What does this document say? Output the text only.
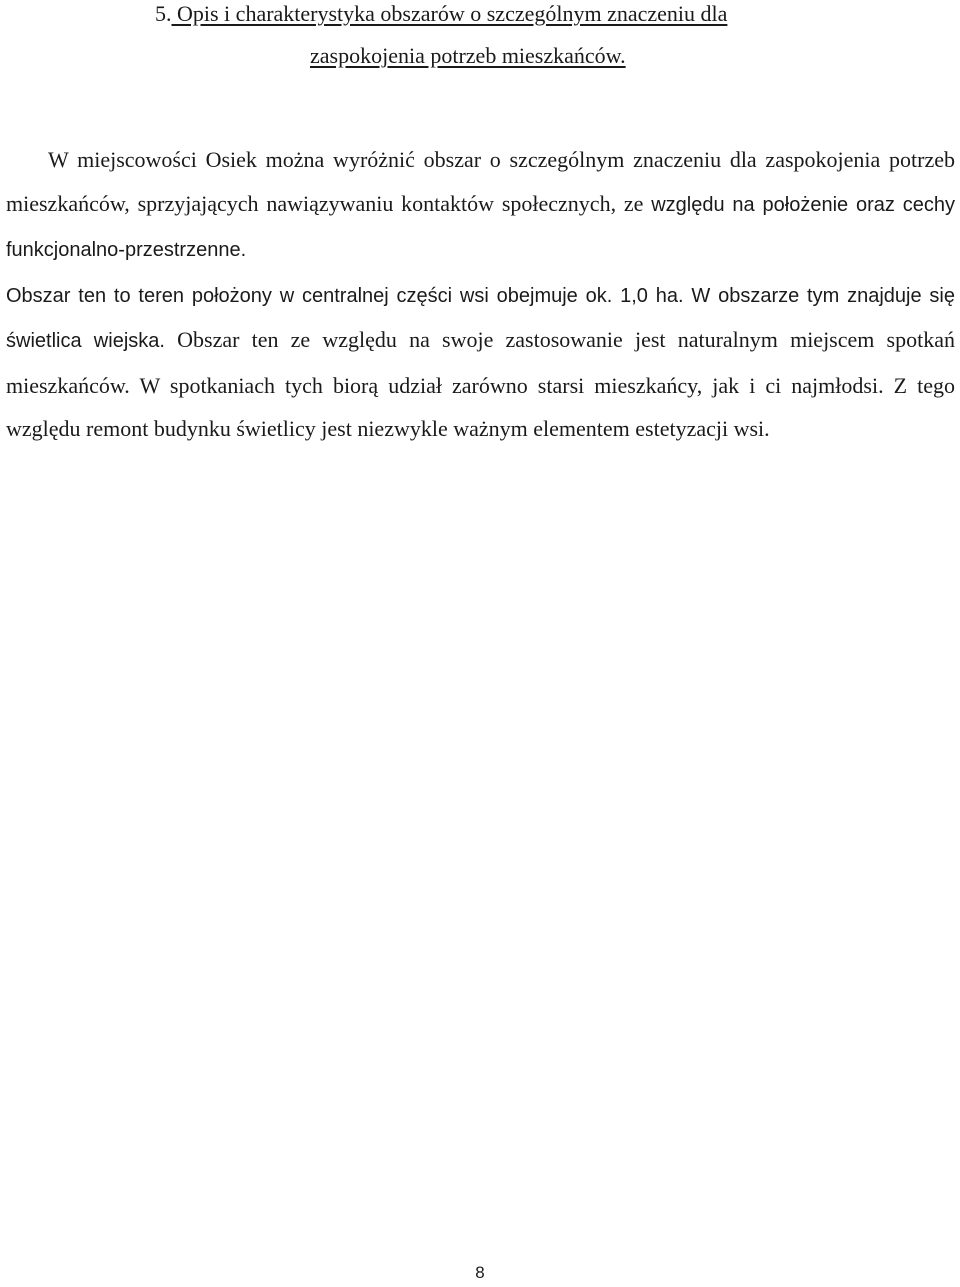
5. Opis i charakterystyka obszarów o szczególnym znaczeniu dla
zaspokojenia potrzeb mieszkańców.

W miejscowości Osiek można wyróżnić obszar o szczególnym znaczeniu dla zaspokojenia potrzeb mieszkańców, sprzyjających nawiązywaniu kontaktów społecznych, ze względu na położenie oraz cechy funkcjonalno-przestrzenne.

Obszar ten to teren położony w centralnej części wsi obejmuje ok. 1,0 ha. W obszarze tym znajduje się świetlica wiejska. Obszar ten ze względu na swoje zastosowanie jest naturalnym miejscem spotkań mieszkańców. W spotkaniach tych biorą udział zarówno starsi mieszkańcy, jak i ci najmłodsi. Z tego względu remont budynku świetlicy jest niezwykle ważnym elementem estetyzacji wsi.

8
